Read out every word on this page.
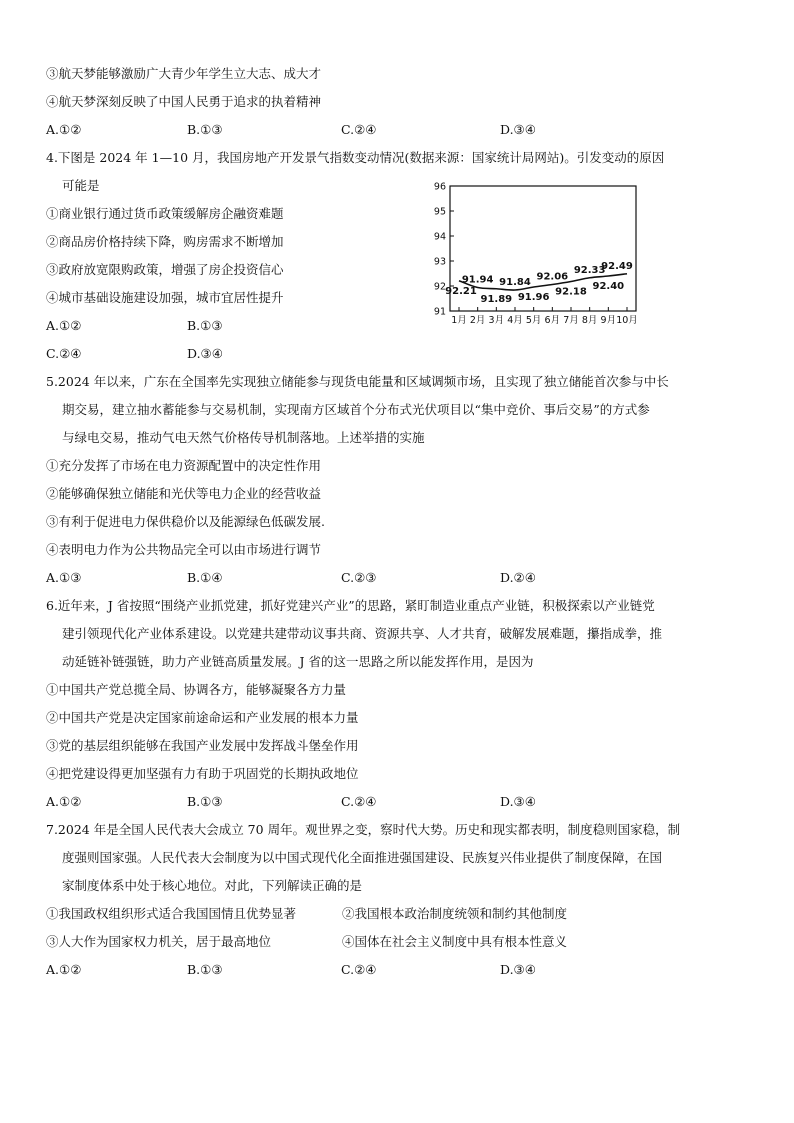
③航天梦能够激励广大青少年学生立大志、成大才
④航天梦深刻反映了中国人民勇于追求的执着精神
A.①②	B.①③	C.②④	D.③④
4.下图是 2024 年 1—10 月，我国房地产开发景气指数变动情况(数据来源：国家统计局网站)。引发变动的原因
可能是
①商业银行通过货币政策缓解房企融资难题
②商品房价格持续下降，购房需求不断增加
③政府放宽限购政策，增强了房企投资信心
④城市基础设施建设加强，城市宜居性提升
A.①②	B.①③
C.②④	D.③④
91
92
93
94
95
96
1月 2月 3月 4月 5月 6月 7月 8月 9月 10月
92.21
91.94
91.89
91.84
91.96
92.06
92.18
92.33
92.40
92.49
5.2024 年以来，广东在全国率先实现独立储能参与现货电能量和区域调频市场，且实现了独立储能首次参与中长
期交易，建立抽水蓄能参与交易机制，实现南方区域首个分布式光伏项目以“集中竞价、事后交易”的方式参
与绿电交易，推动气电天然气价格传导机制落地。上述举措的实施
①充分发挥了市场在电力资源配置中的决定性作用
②能够确保独立储能和光伏等电力企业的经营收益
③有利于促进电力保供稳价以及能源绿色低碳发展.
④表明电力作为公共物品完全可以由市场进行调节
A.①③	B.①④	C.②③	D.②④
6.近年来，J 省按照“围绕产业抓党建，抓好党建兴产业”的思路，紧盯制造业重点产业链，积极探索以产业链党
建引领现代化产业体系建设。以党建共建带动议事共商、资源共享、人才共育，破解发展难题，攥指成拳，推
动延链补链强链，助力产业链高质量发展。J 省的这一思路之所以能发挥作用，是因为
①中国共产党总揽全局、协调各方，能够凝聚各方力量
②中国共产党是决定国家前途命运和产业发展的根本力量
③党的基层组织能够在我国产业发展中发挥战斗堡垒作用
④把党建设得更加坚强有力有助于巩固党的长期执政地位
A.①②	B.①③	C.②④	D.③④
7.2024 年是全国人民代表大会成立 70 周年。观世界之变，察时代大势。历史和现实都表明，制度稳则国家稳，制
度强则国家强。人民代表大会制度为以中国式现代化全面推进强国建设、民族复兴伟业提供了制度保障，在国
家制度体系中处于核心地位。对此，下列解读正确的是
①我国政权组织形式适合我国国情且优势显著	②我国根本政治制度统领和制约其他制度
③人大作为国家权力机关，居于最高地位	④国体在社会主义制度中具有根本性意义
A.①②	B.①③	C.②④	D.③④
